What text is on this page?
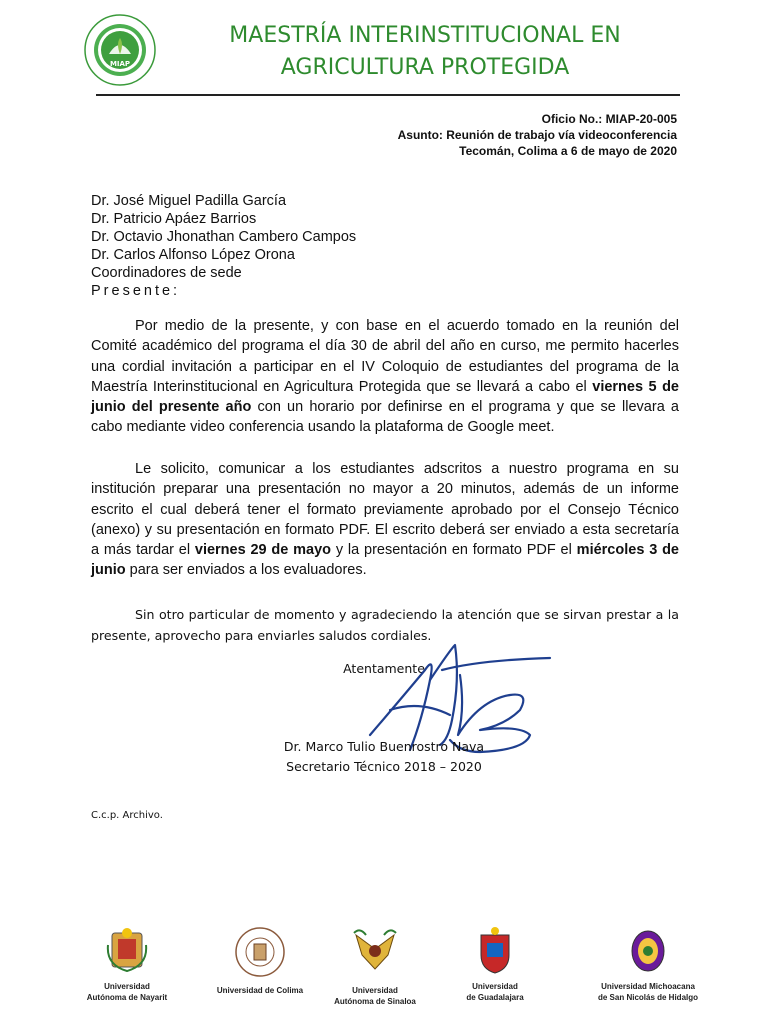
MIAP
MAESTRÍA INTERINSTITUCIONAL EN
AGRICULTURA PROTEGIDA
Oficio No.: MIAP-20-005
Asunto: Reunión de trabajo vía videoconferencia
Tecomán, Colima a 6 de mayo de 2020
Dr. José Miguel Padilla García
Dr. Patricio Apáez Barrios
Dr. Octavio Jhonathan Cambero Campos
Dr. Carlos Alfonso López Orona
Coordinadores de sede
Presente:
Por medio de la presente, y con base en el acuerdo tomado en la reunión del Comité académico del programa el día 30 de abril del año en curso, me permito hacerles una cordial invitación a participar en el IV Coloquio de estudiantes del programa de la Maestría Interinstitucional en Agricultura Protegida que se llevará a cabo el viernes 5 de junio del presente año con un horario por definirse en el programa y que se llevara a cabo mediante video conferencia usando la plataforma de Google meet.
Le solicito, comunicar a los estudiantes adscritos a nuestro programa en su institución preparar una presentación no mayor a 20 minutos, además de un informe escrito el cual deberá tener el formato previamente aprobado por el Consejo Técnico (anexo) y su presentación en formato PDF. El escrito deberá ser enviado a esta secretaría a más tardar el viernes 29 de mayo y la presentación en formato PDF el miércoles 3 de junio para ser enviados a los evaluadores.
Sin otro particular de momento y agradeciendo la atención que se sirvan prestar a la presente, aprovecho para enviarles saludos cordiales.
Atentamente
Dr. Marco Tulio Buenrostro Nava
Secretario Técnico 2018 – 2020
C.c.p. Archivo.
Universidad
Autónoma de Nayarit
Universidad de Colima	Universidad
Autónoma de Sinaloa
Universidad
de Guadalajara
Universidad Michoacana
de San Nicolás de Hidalgo
